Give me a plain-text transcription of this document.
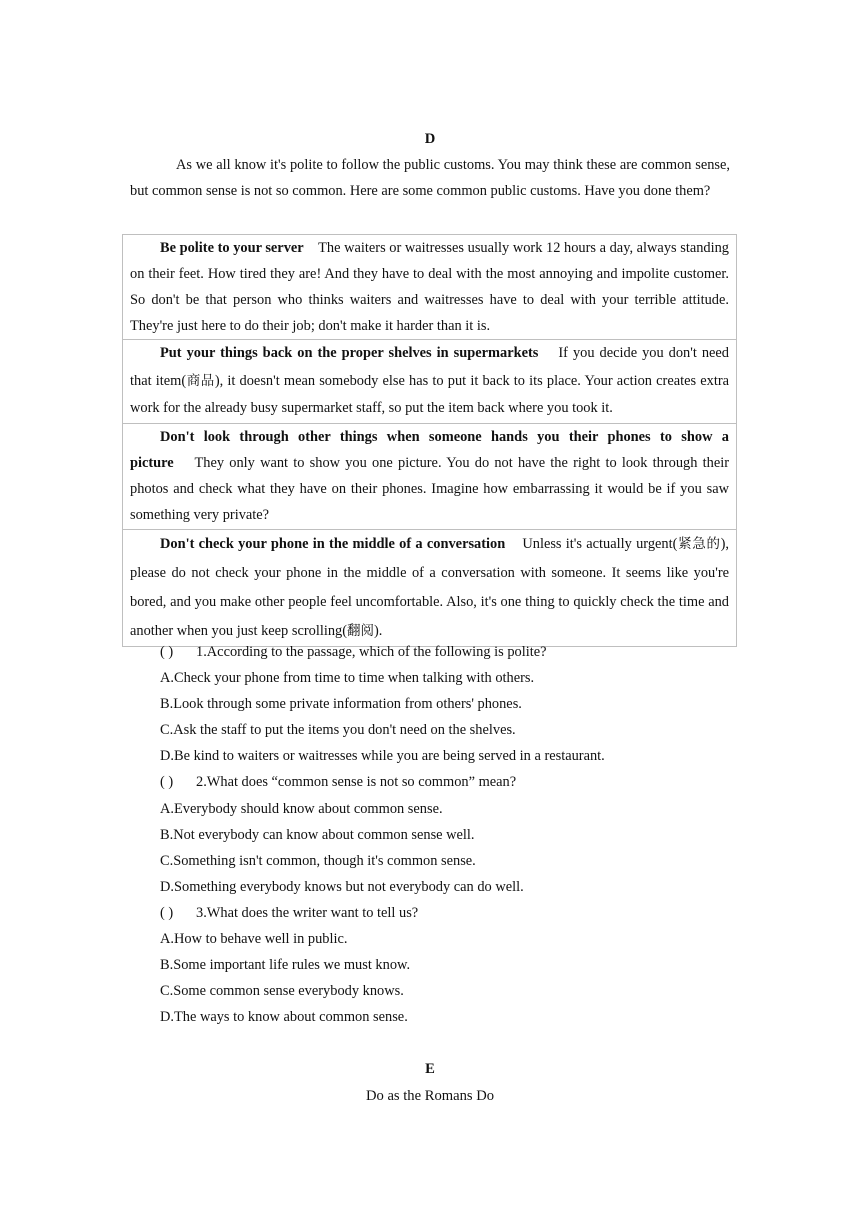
D

As we all know it's polite to follow the public customs. You may think these are common sense, but common sense is not so common. Here are some common public customs. Have you done them?

Be polite to your server The waiters or waitresses usually work 12 hours a day, always standing on their feet. How tired they are! And they have to deal with the most annoying and impolite customer. So don't be that person who thinks waiters and waitresses have to deal with your terrible attitude. They're just here to do their job; don't make it harder than it is.
Put your things back on the proper shelves in supermarkets If you decide you don't need that item(商品), it doesn't mean somebody else has to put it back to its place. Your action creates extra work for the already busy supermarket staff, so put the item back where you took it.
Don't look through other things when someone hands you their phones to show a picture They only want to show you one picture. You do not have the right to look through their photos and check what they have on their phones. Imagine how embarrassing it would be if you saw something very private?
Don't check your phone in the middle of a conversation Unless it's actually urgent(紧急的), please do not check your phone in the middle of a conversation with someone. It seems like you're bored, and you make other people feel uncomfortable. Also, it's one thing to quickly check the time and another when you just keep scrolling(翻阅).
( ) 1.According to the passage, which of the following is polite?
A.Check your phone from time to time when talking with others.
B.Look through some private information from others' phones.
C.Ask the staff to put the items you don't need on the shelves.
D.Be kind to waiters or waitresses while you are being served in a restaurant.
( ) 2.What does “common sense is not so common” mean?
A.Everybody should know about common sense.
B.Not everybody can know about common sense well.
C.Something isn't common, though it's common sense.
D.Something everybody knows but not everybody can do well.
( ) 3.What does the writer want to tell us?
A.How to behave well in public.
B.Some important life rules we must know.
C.Some common sense everybody knows.
D.The ways to know about common sense.
E
Do as the Romans Do
